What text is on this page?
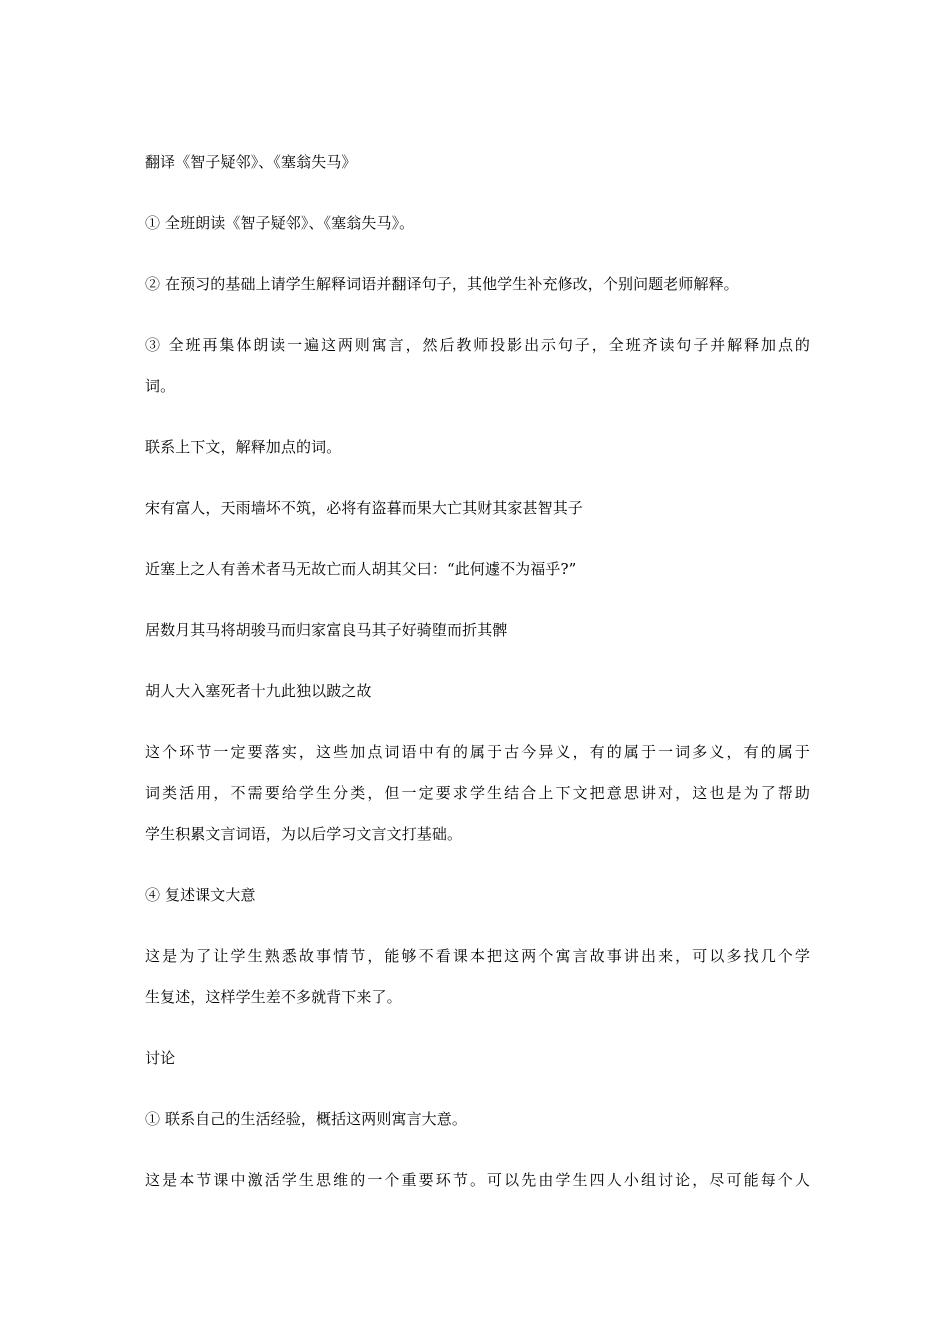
翻译《智子疑邻》、《塞翁失马》
① 全班朗读《智子疑邻》、《塞翁失马》。
② 在预习的基础上请学生解释词语并翻译句子，其他学生补充修改，个别问题老师解释。
③ 全班再集体朗读一遍这两则寓言，然后教师投影出示句子，全班齐读句子并解释加点的
词。
联系上下文，解释加点的词。
宋有富人，天雨墙坏不筑，必将有盗暮而果大亡其财其家甚智其子
近塞上之人有善术者马无故亡而人胡其父曰：“此何遽不为福乎?”
居数月其马将胡骏马而归家富良马其子好骑堕而折其髀
胡人大入塞死者十九此独以跛之故
这个环节一定要落实，这些加点词语中有的属于古今异义，有的属于一词多义，有的属于
词类活用，不需要给学生分类，但一定要求学生结合上下文把意思讲对，这也是为了帮助
学生积累文言词语，为以后学习文言文打基础。
④ 复述课文大意
这是为了让学生熟悉故事情节，能够不看课本把这两个寓言故事讲出来，可以多找几个学
生复述，这样学生差不多就背下来了。
讨论
① 联系自己的生活经验，概括这两则寓言大意。
这是本节课中激活学生思维的一个重要环节。可以先由学生四人小组讨论，尽可能每个人
